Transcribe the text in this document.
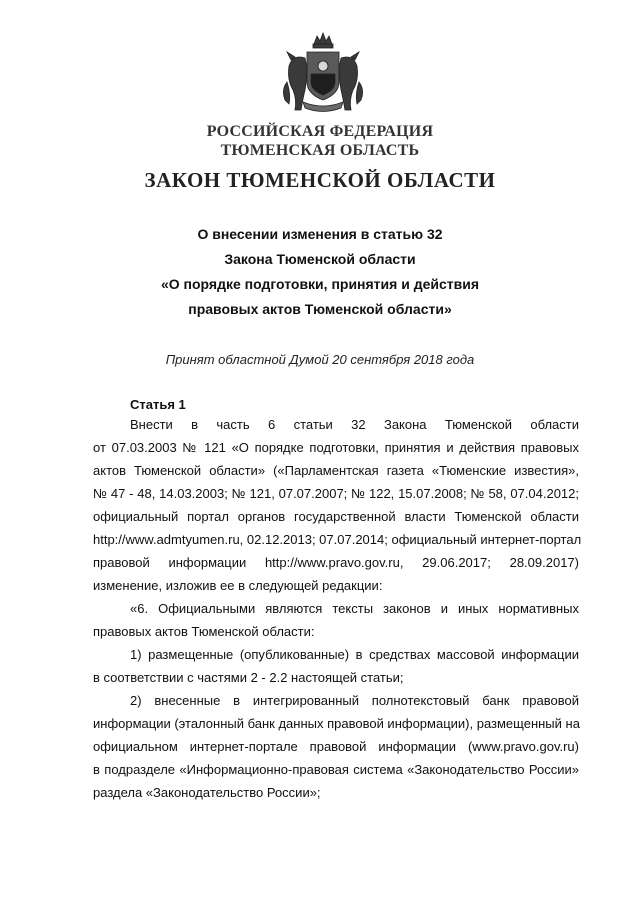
РОССИЙСКАЯ ФЕДЕРАЦИЯ
ТЮМЕНСКАЯ ОБЛАСТЬ
ЗАКОН ТЮМЕНСКОЙ ОБЛАСТИ
О внесении изменения в статью 32
Закона Тюменской области
«О порядке подготовки, принятия и действия
правовых актов Тюменской области»
Принят областной Думой 20 сентября 2018 года
Статья 1
Внести в часть 6 статьи 32 Закона Тюменской области
от 07.03.2003 № 121 «О порядке подготовки, принятия и действия правовых
актов Тюменской области» («Парламентская газета «Тюменские известия»,
№ 47 - 48, 14.03.2003; № 121, 07.07.2007; № 122, 15.07.2008; № 58, 07.04.2012;
официальный портал органов государственной власти Тюменской области
http://www.admtyumen.ru, 02.12.2013; 07.07.2014; официальный интернет-портал
правовой информации http://www.pravo.gov.ru, 29.06.2017; 28.09.2017)
изменение, изложив ее в следующей редакции:
«6. Официальными являются тексты законов и иных нормативных
правовых актов Тюменской области:
1) размещенные (опубликованные) в средствах массовой информации
в соответствии с частями 2 - 2.2 настоящей статьи;
2) внесенные в интегрированный полнотекстовый банк правовой
информации (эталонный банк данных правовой информации), размещенный на
официальном интернет-портале правовой информации (www.pravo.gov.ru)
в подразделе «Информационно-правовая система «Законодательство России»
раздела «Законодательство России»;
